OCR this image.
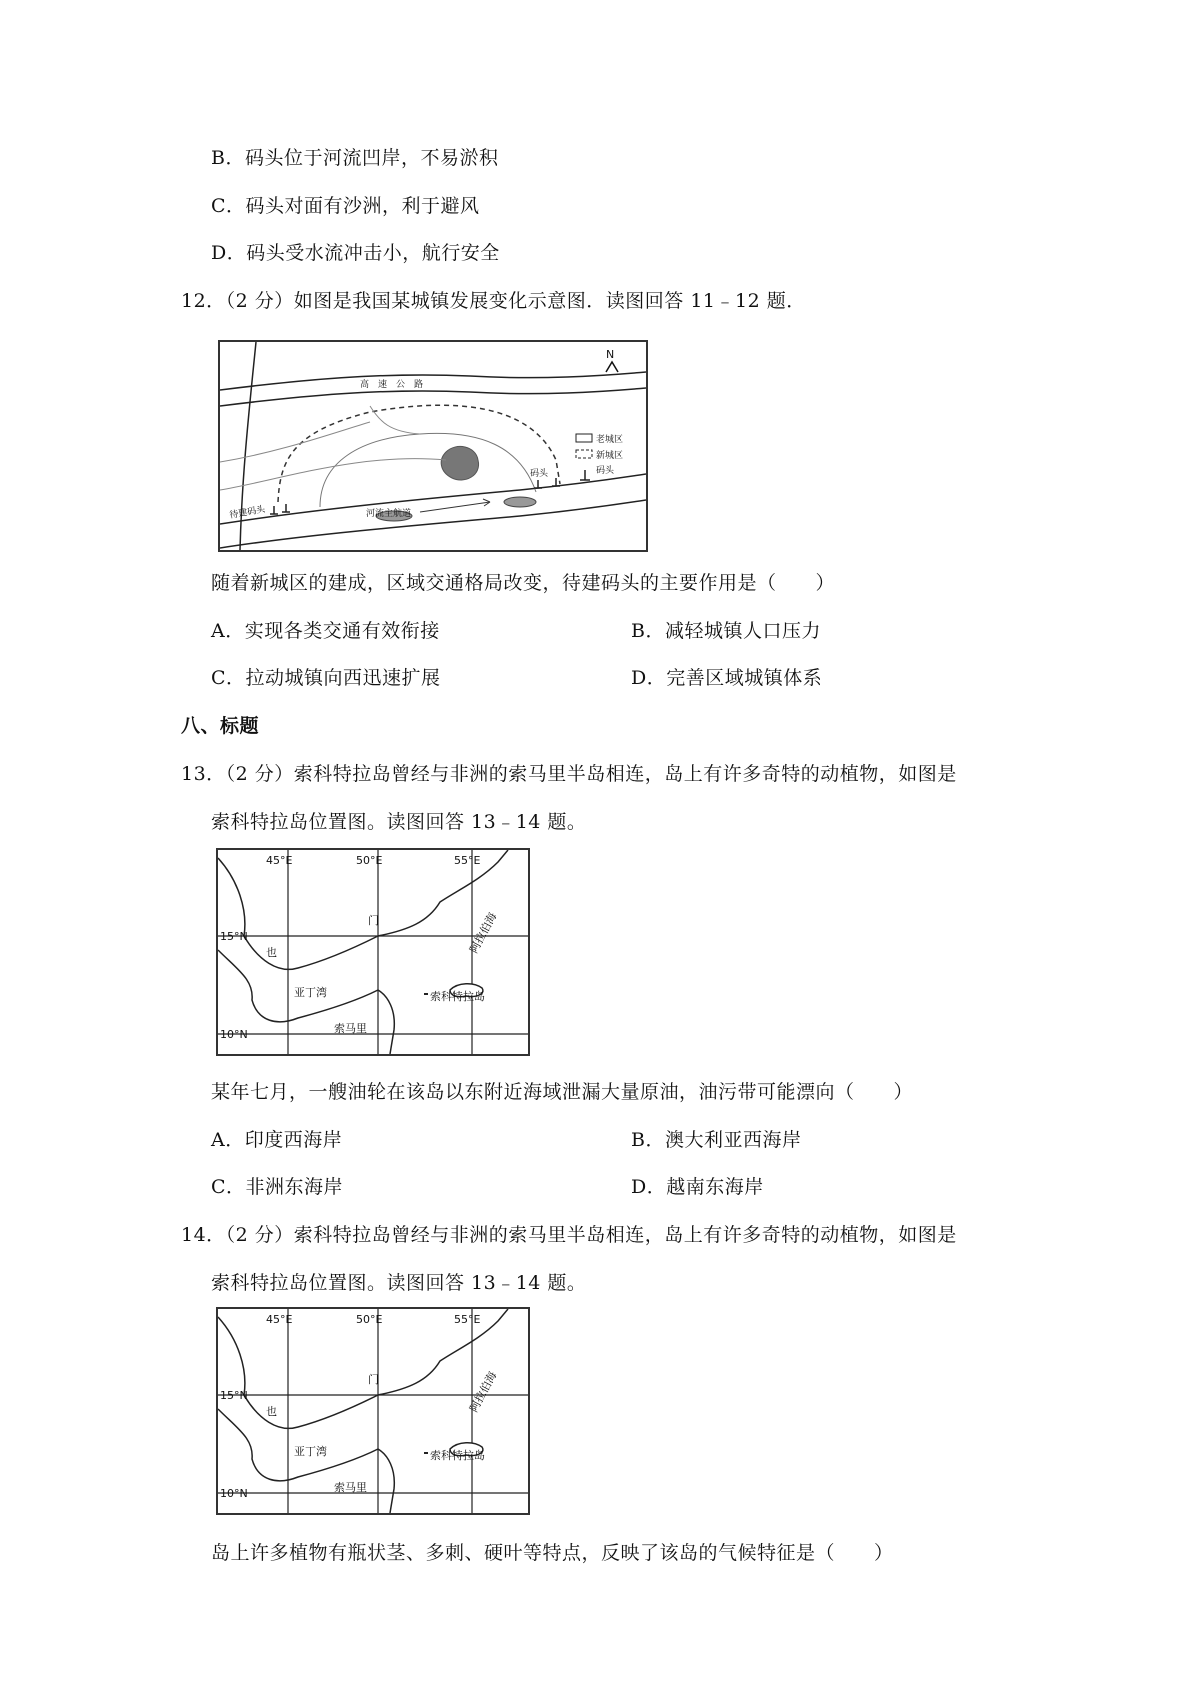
B．码头位于河流凹岸，不易淤积
C．码头对面有沙洲，利于避风
D．码头受水流冲击小，航行安全
12．（2 分）如图是我国某城镇发展变化示意图．读图回答 11﹣12 题．
N
高　速　公　路
老城区
新城区
码头
河流主航道
码头
待建码头
随着新城区的建成，区域交通格局改变，待建码头的主要作用是（　　）
A．实现各类交通有效衔接	B．减轻城镇人口压力
C．拉动城镇向西迅速扩展	D．完善区域城镇体系
八、标题
13．（2 分）索科特拉岛曾经与非洲的索马里半岛相连，岛上有许多奇特的动植物，如图是
索科特拉岛位置图。读图回答 13﹣14 题。
45°E	50°E	55°E
15°N
10°N
门
也
亚丁湾	索科特拉岛
阿拉伯海
索马里
某年七月，一艘油轮在该岛以东附近海域泄漏大量原油，油污带可能漂向（　　）
A．印度西海岸	B．澳大利亚西海岸
C．非洲东海岸	D．越南东海岸
14．（2 分）索科特拉岛曾经与非洲的索马里半岛相连，岛上有许多奇特的动植物，如图是
索科特拉岛位置图。读图回答 13﹣14 题。
45°E	50°E	55°E
15°N
10°N
门
也
亚丁湾	索科特拉岛
阿拉伯海
索马里
岛上许多植物有瓶状茎、多刺、硬叶等特点，反映了该岛的气候特征是（　　）
